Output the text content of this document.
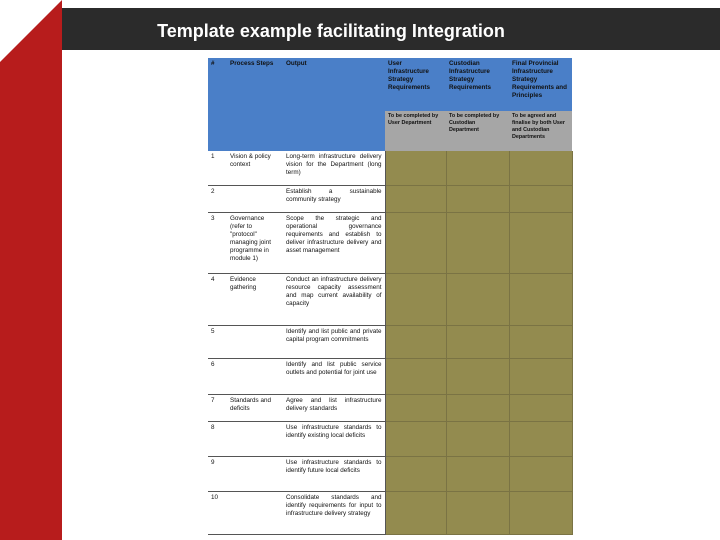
Template example facilitating Integration
#	Process Steps	Output	User Infrastructure Strategy Requirements	Custodian Infrastructure Strategy Requirements	Final Provincial Infrastructure Strategy Requirements and Principles
			To be completed by User Department	To be completed by Custodian Department	To be agreed and finalise by both User and Custodian Departments
1	Vision & policy context	Long-term infrastructure delivery vision for the Department (long term)			
2		Establish a sustainable community strategy			
3	Governance (refer to "protocol" managing joint programme in module 1)	Scope the strategic and operational governance requirements and establish to deliver infrastructure delivery and asset management			
4	Evidence gathering	Conduct an infrastructure delivery resource capacity assessment and map current availability of capacity			
5		Identify and list public and private capital program commitments			
6		Identify and list public service outlets and potential for joint use			
7	Standards and deficits	Agree and list infrastructure delivery standards			
8		Use infrastructure standards to identify existing local deficits			
9		Use infrastructure standards to identify future local deficits			
10		Consolidate standards and identify requirements for input to infrastructure delivery strategy			
